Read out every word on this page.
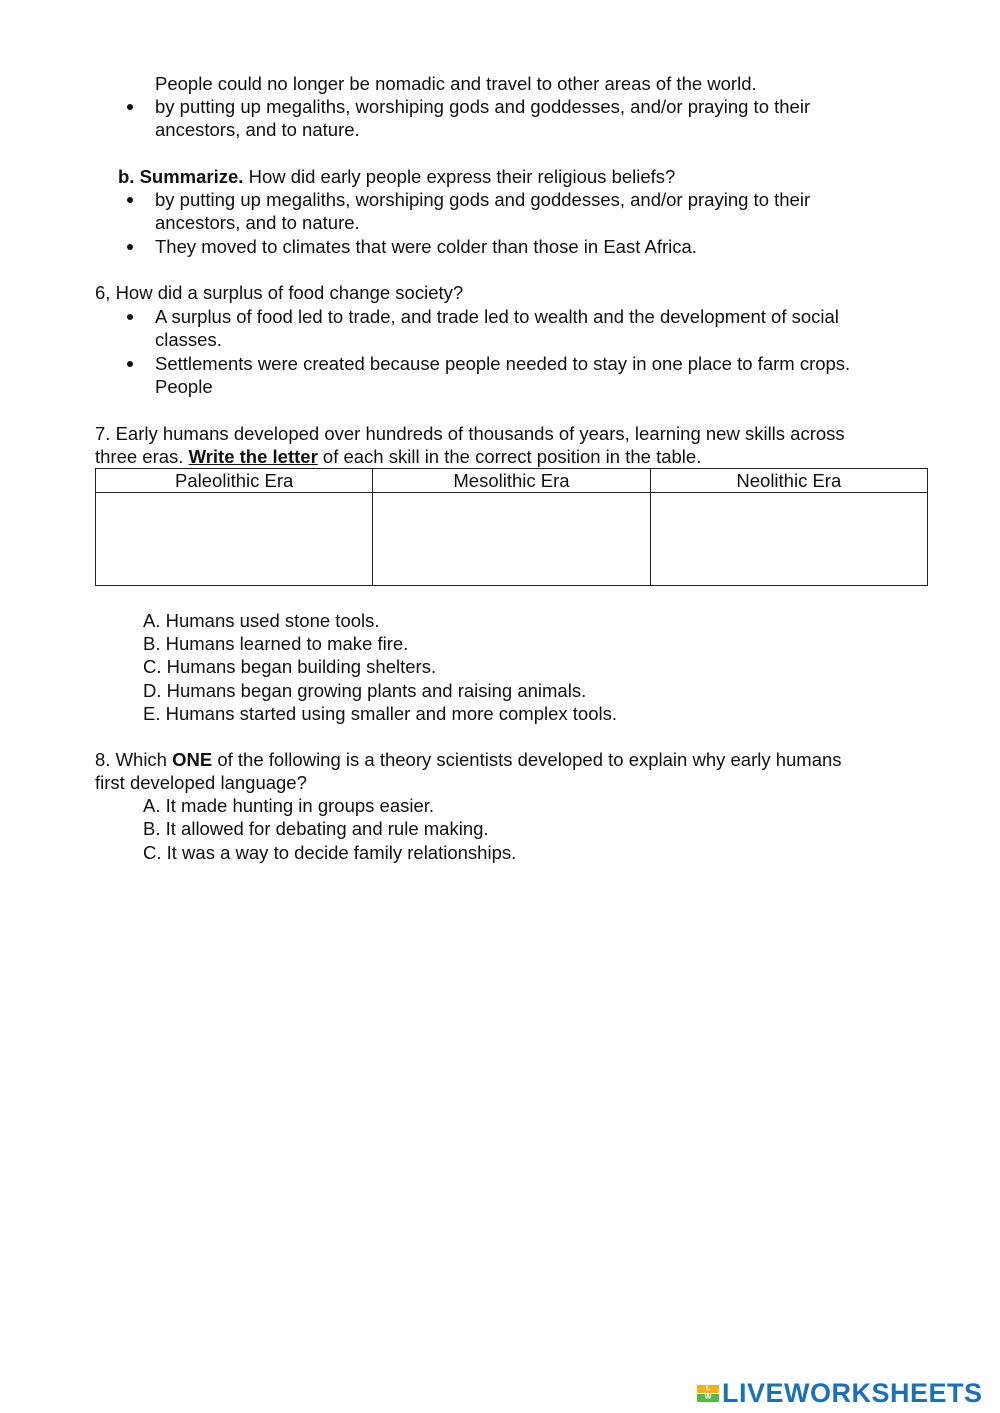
People could no longer be nomadic and travel to other areas of the world.
by putting up megaliths, worshiping gods and goddesses, and/or praying to their
ancestors, and to nature.
b. Summarize. How did early people express their religious beliefs?
by putting up megaliths, worshiping gods and goddesses, and/or praying to their
ancestors, and to nature.
They moved to climates that were colder than those in East Africa.
6, How did a surplus of food change society?
A surplus of food led to trade, and trade led to wealth and the development of social
classes.
Settlements were created because people needed to stay in one place to farm crops.
People
7. Early humans developed over hundreds of thousands of years, learning new skills across
three eras. Write the letter of each skill in the correct position in the table.
Paleolithic Era	Mesolithic Era	Neolithic Era

A. Humans used stone tools.
B. Humans learned to make fire.
C. Humans began building shelters.
D. Humans began growing plants and raising animals.
E. Humans started using smaller and more complex tools.
8. Which ONE of the following is a theory scientists developed to explain why early humans
first developed language?
A. It made hunting in groups easier.
B. It allowed for debating and rule making.
C. It was a way to decide family relationships.
L
W LIVEWORKSHEETS
